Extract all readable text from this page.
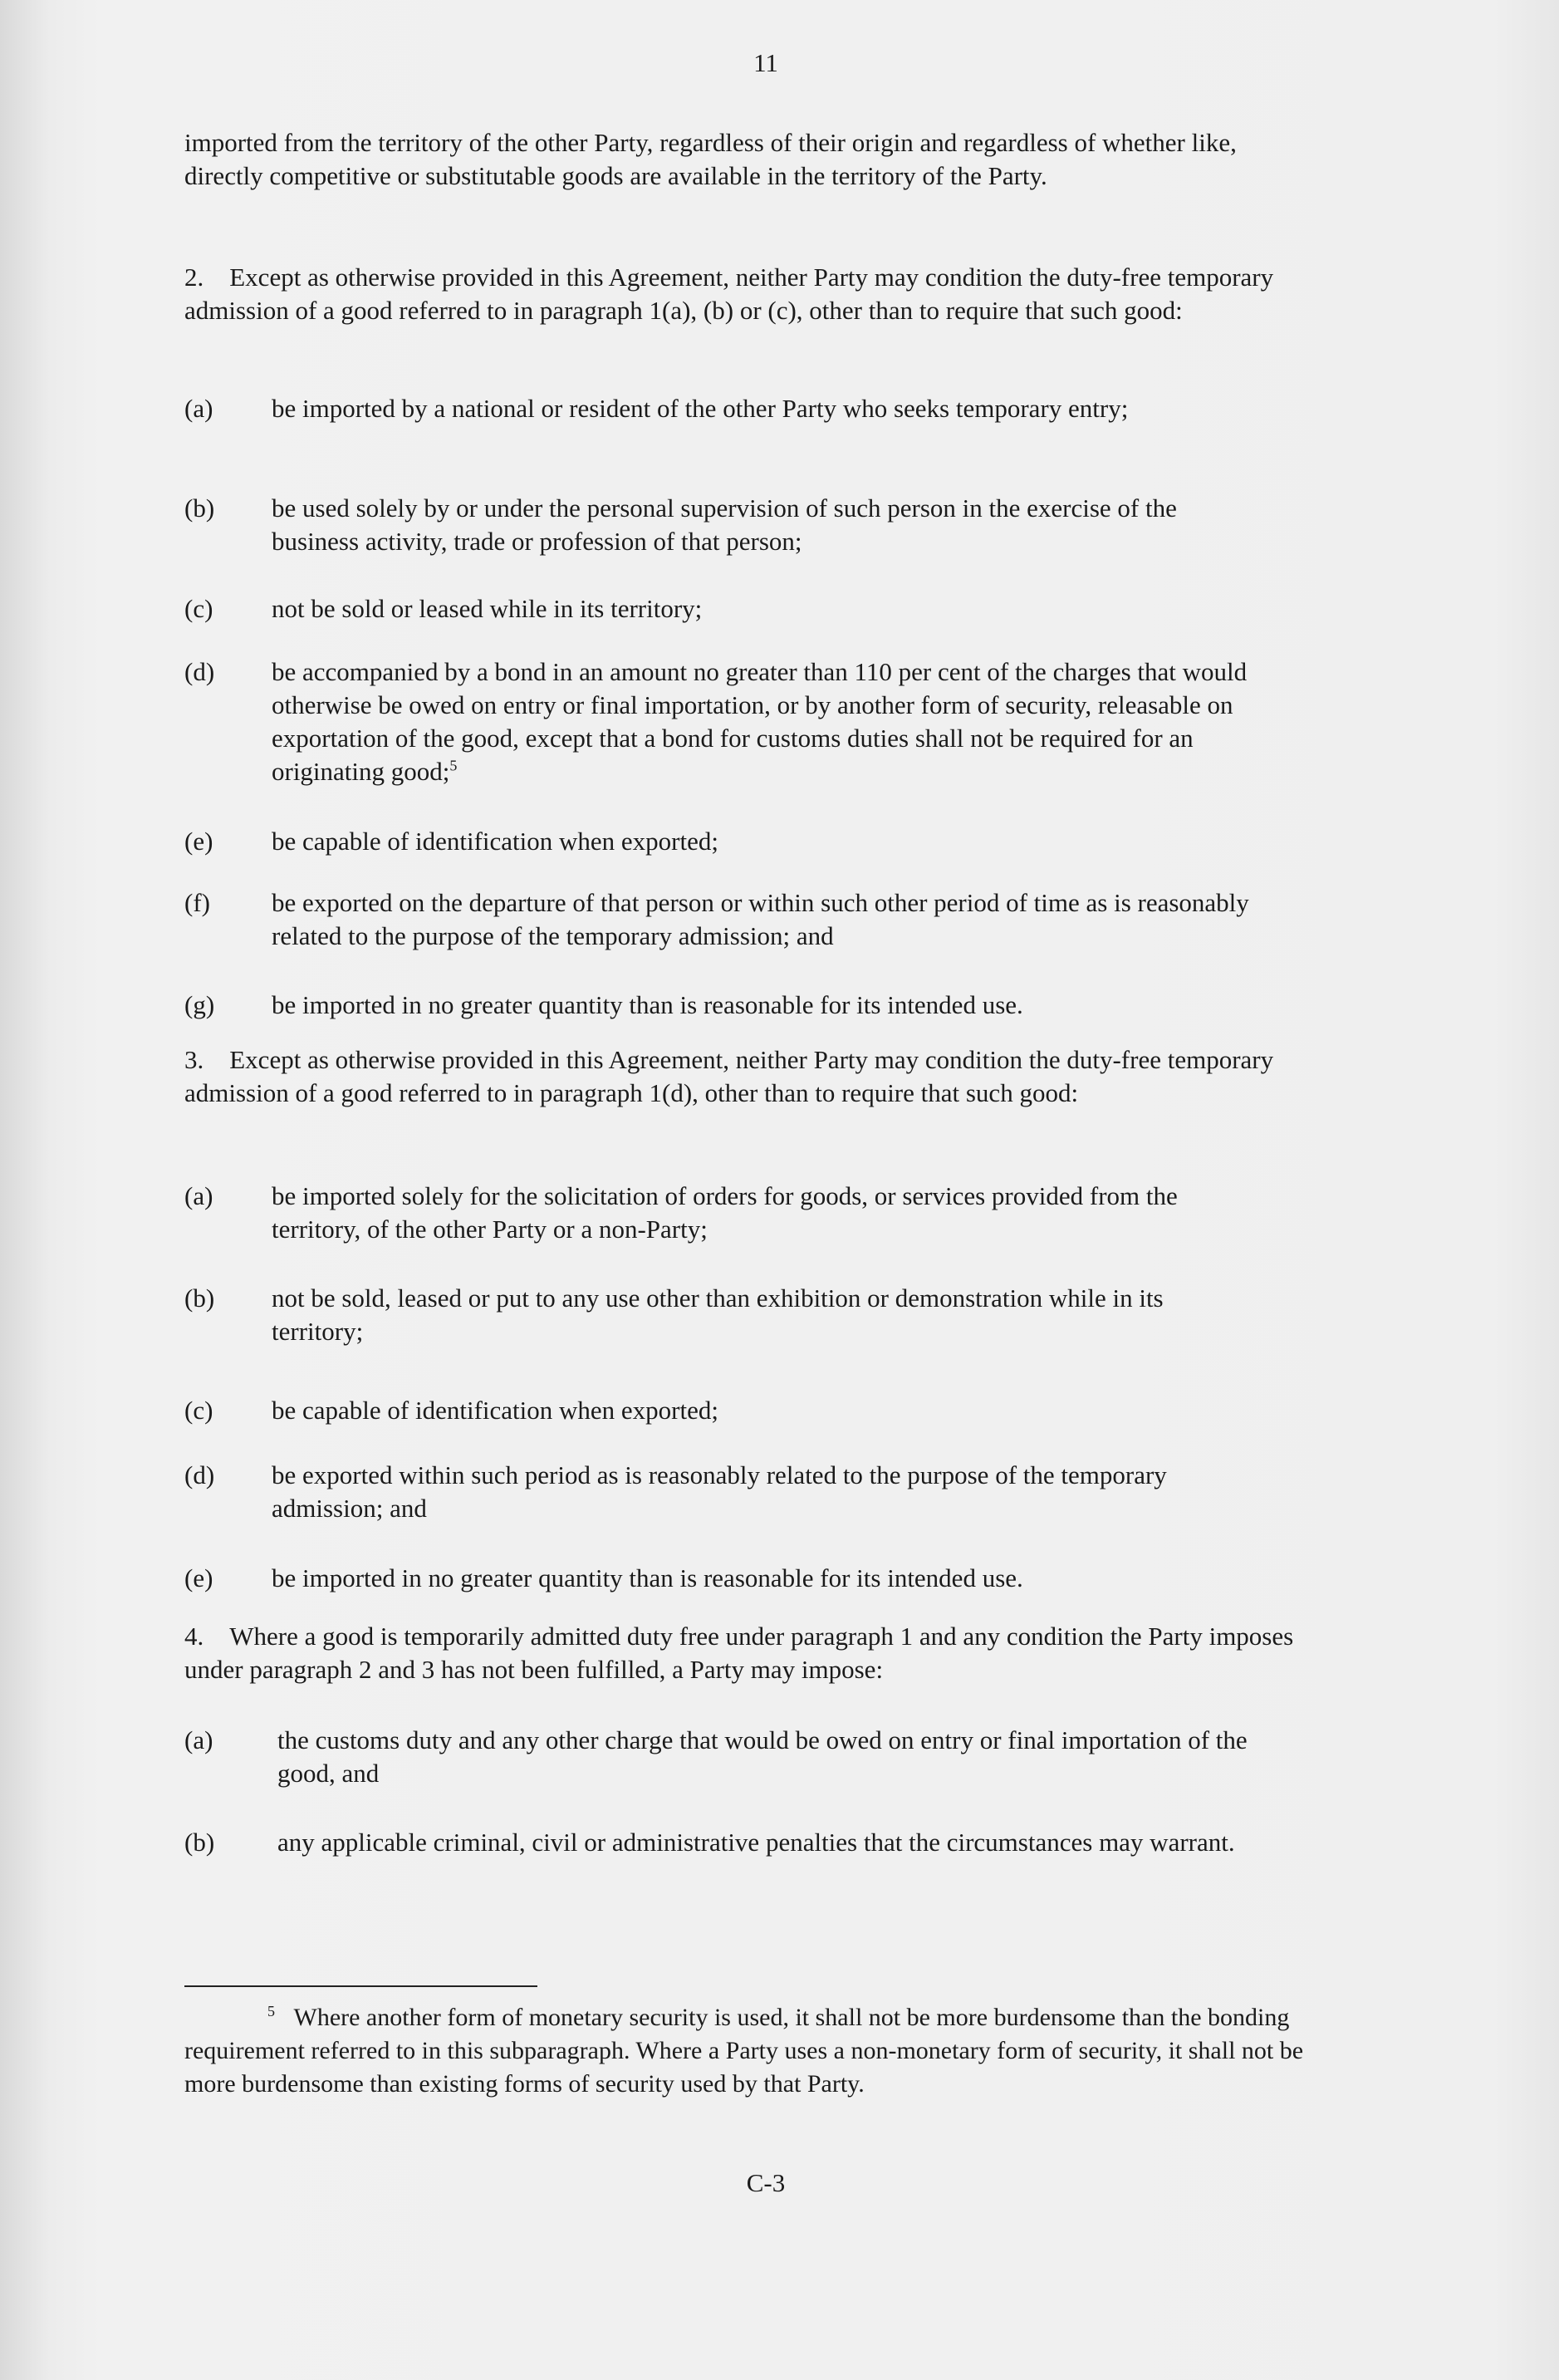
11
imported from the territory of the other Party, regardless of their origin and regardless of whether like, directly competitive or substitutable goods are available in the territory of the Party.
2. Except as otherwise provided in this Agreement, neither Party may condition the duty-free temporary admission of a good referred to in paragraph 1(a), (b) or (c), other than to require that such good:
(a)	be imported by a national or resident of the other Party who seeks temporary entry;
(b)	be used solely by or under the personal supervision of such person in the exercise of the business activity, trade or profession of that person;
(c)	not be sold or leased while in its territory;
(d)	be accompanied by a bond in an amount no greater than 110 per cent of the charges that would otherwise be owed on entry or final importation, or by another form of security, releasable on exportation of the good, except that a bond for customs duties shall not be required for an originating good;$^5$
(e)	be capable of identification when exported;
(f)	be exported on the departure of that person or within such other period of time as is reasonably related to the purpose of the temporary admission; and
(g)	be imported in no greater quantity than is reasonable for its intended use.
3. Except as otherwise provided in this Agreement, neither Party may condition the duty-free temporary admission of a good referred to in paragraph 1(d), other than to require that such good:
(a)	be imported solely for the solicitation of orders for goods, or services provided from the territory, of the other Party or a non-Party;
(b)	not be sold, leased or put to any use other than exhibition or demonstration while in its territory;
(c)	be capable of identification when exported;
(d)	be exported within such period as is reasonably related to the purpose of the temporary admission; and
(e)	be imported in no greater quantity than is reasonable for its intended use.
4. Where a good is temporarily admitted duty free under paragraph 1 and any condition the Party imposes under paragraph 2 and 3 has not been fulfilled, a Party may impose:
(a)	the customs duty and any other charge that would be owed on entry or final importation of the good, and
(b)	any applicable criminal, civil or administrative penalties that the circumstances may warrant.
$^5$ Where another form of monetary security is used, it shall not be more burdensome than the bonding requirement referred to in this subparagraph. Where a Party uses a non-monetary form of security, it shall not be more burdensome than existing forms of security used by that Party.
C-3
